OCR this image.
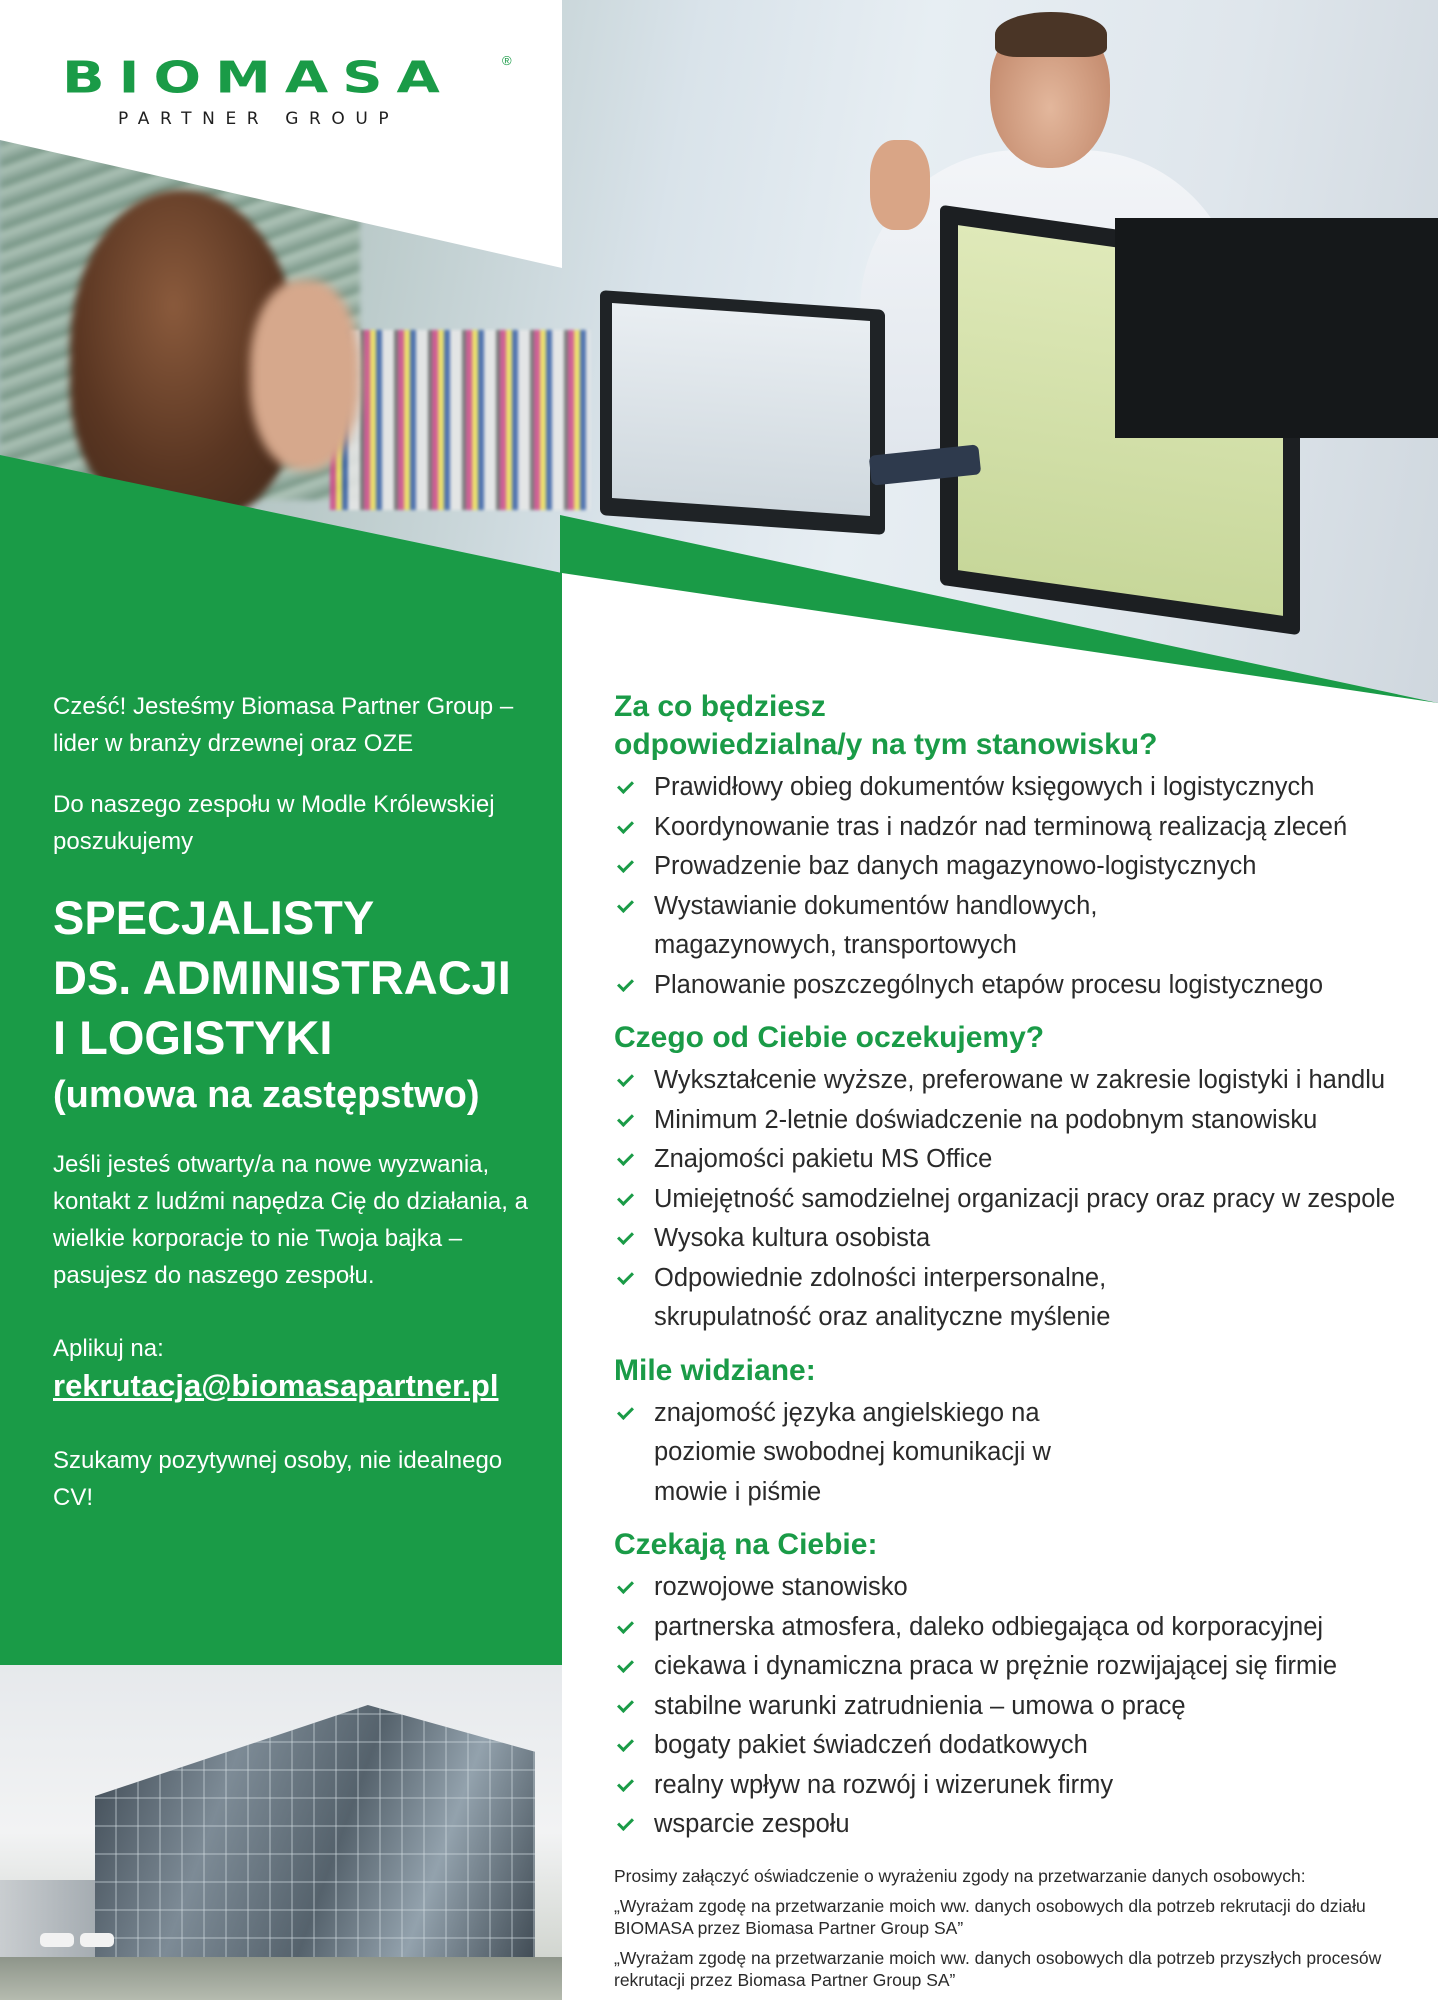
BIOMASA	®
PARTNER GROUP

Cześć! Jesteśmy Biomasa Partner Group – lider w branży drzewnej oraz OZE

Do naszego zespołu w Modle Królewskiej poszukujemy

SPECJALISTY
DS. ADMINISTRACJI
I LOGISTYKI
(umowa na zastępstwo)

Jeśli jesteś otwarty/a na nowe wyzwania, kontakt z ludźmi napędza Cię do działania, a wielkie korporacje to nie Twoja bajka – pasujesz do naszego zespołu.

Aplikuj na:

rekrutacja@biomasapartner.pl

Szukamy pozytywnej osoby, nie idealnego CV!

Za co będziesz
odpowiedzialna/y na tym stanowisku?
Prawidłowy obieg dokumentów księgowych i logistycznych
Koordynowanie tras i nadzór nad terminową realizacją zleceń
Prowadzenie baz danych magazynowo-logistycznych
Wystawianie dokumentów handlowych, magazynowych, transportowych
Planowanie poszczególnych etapów procesu logistycznego
Czego od Ciebie oczekujemy?
Wykształcenie wyższe, preferowane w zakresie logistyki i handlu
Minimum 2-letnie doświadczenie na podobnym stanowisku
Znajomości pakietu MS Office
Umiejętność samodzielnej organizacji pracy oraz pracy w zespole
Wysoka kultura osobista
Odpowiednie zdolności interpersonalne, skrupulatność oraz analityczne myślenie
Mile widziane:
znajomość języka angielskiego na poziomie swobodnej komunikacji w mowie i piśmie
Czekają na Ciebie:
rozwojowe stanowisko
partnerska atmosfera, daleko odbiegająca od korporacyjnej
ciekawa i dynamiczna praca w prężnie rozwijającej się firmie
stabilne warunki zatrudnienia – umowa o pracę
bogaty pakiet świadczeń dodatkowych
realny wpływ na rozwój i wizerunek firmy
wsparcie zespołu

Prosimy załączyć oświadczenie o wyrażeniu zgody na przetwarzanie danych osobowych:

„Wyrażam zgodę na przetwarzanie moich ww. danych osobowych dla potrzeb rekrutacji do działu BIOMASA przez Biomasa Partner Group SA”

„Wyrażam zgodę na przetwarzanie moich ww. danych osobowych dla potrzeb przyszłych procesów rekrutacji przez Biomasa Partner Group SA”
